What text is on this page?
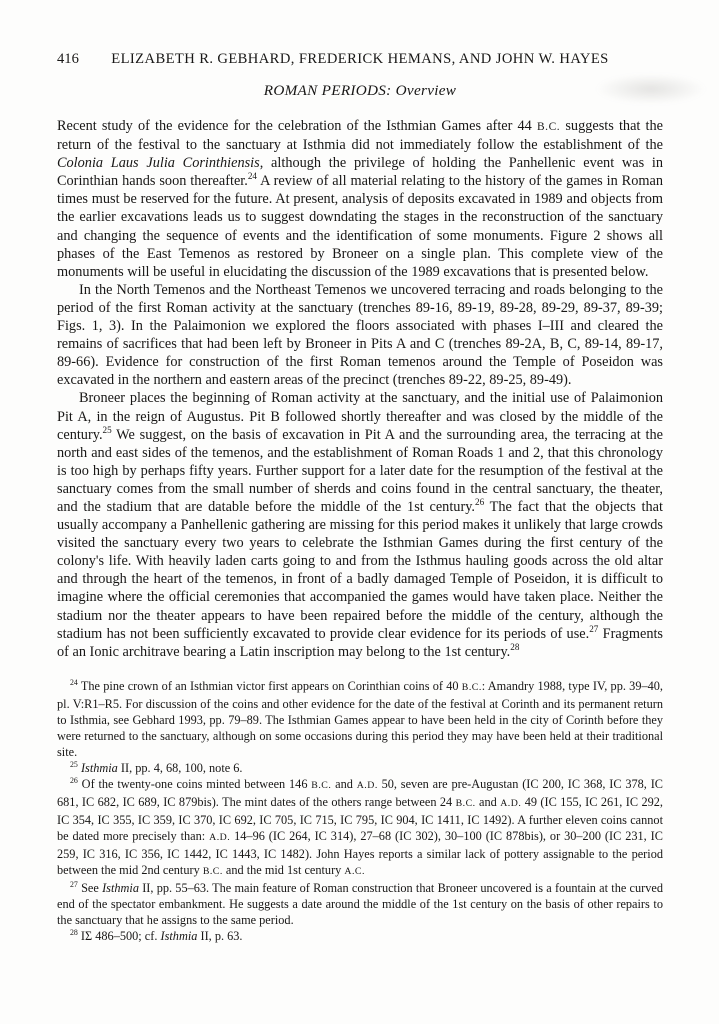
416	ELIZABETH R. GEBHARD, FREDERICK HEMANS, AND JOHN W. HAYES
ROMAN PERIODS: Overview

Recent study of the evidence for the celebration of the Isthmian Games after 44 B.C. suggests that the return of the festival to the sanctuary at Isthmia did not immediately follow the establishment of the Colonia Laus Julia Corinthiensis, although the privilege of holding the Panhellenic event was in Corinthian hands soon thereafter.$^{24}$ A review of all material relating to the history of the games in Roman times must be reserved for the future. At present, analysis of deposits excavated in 1989 and objects from the earlier excavations leads us to suggest downdating the stages in the reconstruction of the sanctuary and changing the sequence of events and the identification of some monuments. Figure 2 shows all phases of the East Temenos as restored by Broneer on a single plan. This complete view of the monuments will be useful in elucidating the discussion of the 1989 excavations that is presented below.

In the North Temenos and the Northeast Temenos we uncovered terracing and roads belonging to the period of the first Roman activity at the sanctuary (trenches 89-16, 89-19, 89-28, 89-29, 89-37, 89-39; Figs. 1, 3). In the Palaimonion we explored the floors associated with phases I–III and cleared the remains of sacrifices that had been left by Broneer in Pits A and C (trenches 89-2A, B, C, 89-14, 89-17, 89-66). Evidence for construction of the first Roman temenos around the Temple of Poseidon was excavated in the northern and eastern areas of the precinct (trenches 89-22, 89-25, 89-49).

Broneer places the beginning of Roman activity at the sanctuary, and the initial use of Palaimonion Pit A, in the reign of Augustus. Pit B followed shortly thereafter and was closed by the middle of the century.$^{25}$ We suggest, on the basis of excavation in Pit A and the surrounding area, the terracing at the north and east sides of the temenos, and the establishment of Roman Roads 1 and 2, that this chronology is too high by perhaps fifty years. Further support for a later date for the resumption of the festival at the sanctuary comes from the small number of sherds and coins found in the central sanctuary, the theater, and the stadium that are datable before the middle of the 1st century.$^{26}$ The fact that the objects that usually accompany a Panhellenic gathering are missing for this period makes it unlikely that large crowds visited the sanctuary every two years to celebrate the Isthmian Games during the first century of the colony's life. With heavily laden carts going to and from the Isthmus hauling goods across the old altar and through the heart of the temenos, in front of a badly damaged Temple of Poseidon, it is difficult to imagine where the official ceremonies that accompanied the games would have taken place. Neither the stadium nor the theater appears to have been repaired before the middle of the century, although the stadium has not been sufficiently excavated to provide clear evidence for its periods of use.$^{27}$ Fragments of an Ionic architrave bearing a Latin inscription may belong to the 1st century.$^{28}$

$^{24}$ The pine crown of an Isthmian victor first appears on Corinthian coins of 40 B.C.: Amandry 1988, type IV, pp. 39–40, pl. V:R1–R5. For discussion of the coins and other evidence for the date of the festival at Corinth and its permanent return to Isthmia, see Gebhard 1993, pp. 79–89. The Isthmian Games appear to have been held in the city of Corinth before they were returned to the sanctuary, although on some occasions during this period they may have been held at their traditional site.

$^{25}$ Isthmia II, pp. 4, 68, 100, note 6.

$^{26}$ Of the twenty-one coins minted between 146 B.C. and A.D. 50, seven are pre-Augustan (IC 200, IC 368, IC 378, IC 681, IC 682, IC 689, IC 879bis). The mint dates of the others range between 24 B.C. and A.D. 49 (IC 155, IC 261, IC 292, IC 354, IC 355, IC 359, IC 370, IC 692, IC 705, IC 715, IC 795, IC 904, IC 1411, IC 1492). A further eleven coins cannot be dated more precisely than: A.D. 14–96 (IC 264, IC 314), 27–68 (IC 302), 30–100 (IC 878bis), or 30–200 (IC 231, IC 259, IC 316, IC 356, IC 1442, IC 1443, IC 1482). John Hayes reports a similar lack of pottery assignable to the period between the mid 2nd century B.C. and the mid 1st century A.C.

$^{27}$ See Isthmia II, pp. 55–63. The main feature of Roman construction that Broneer uncovered is a fountain at the curved end of the spectator embankment. He suggests a date around the middle of the 1st century on the basis of other repairs to the sanctuary that he assigns to the same period.

$^{28}$ IΣ 486–500; cf. Isthmia II, p. 63.
